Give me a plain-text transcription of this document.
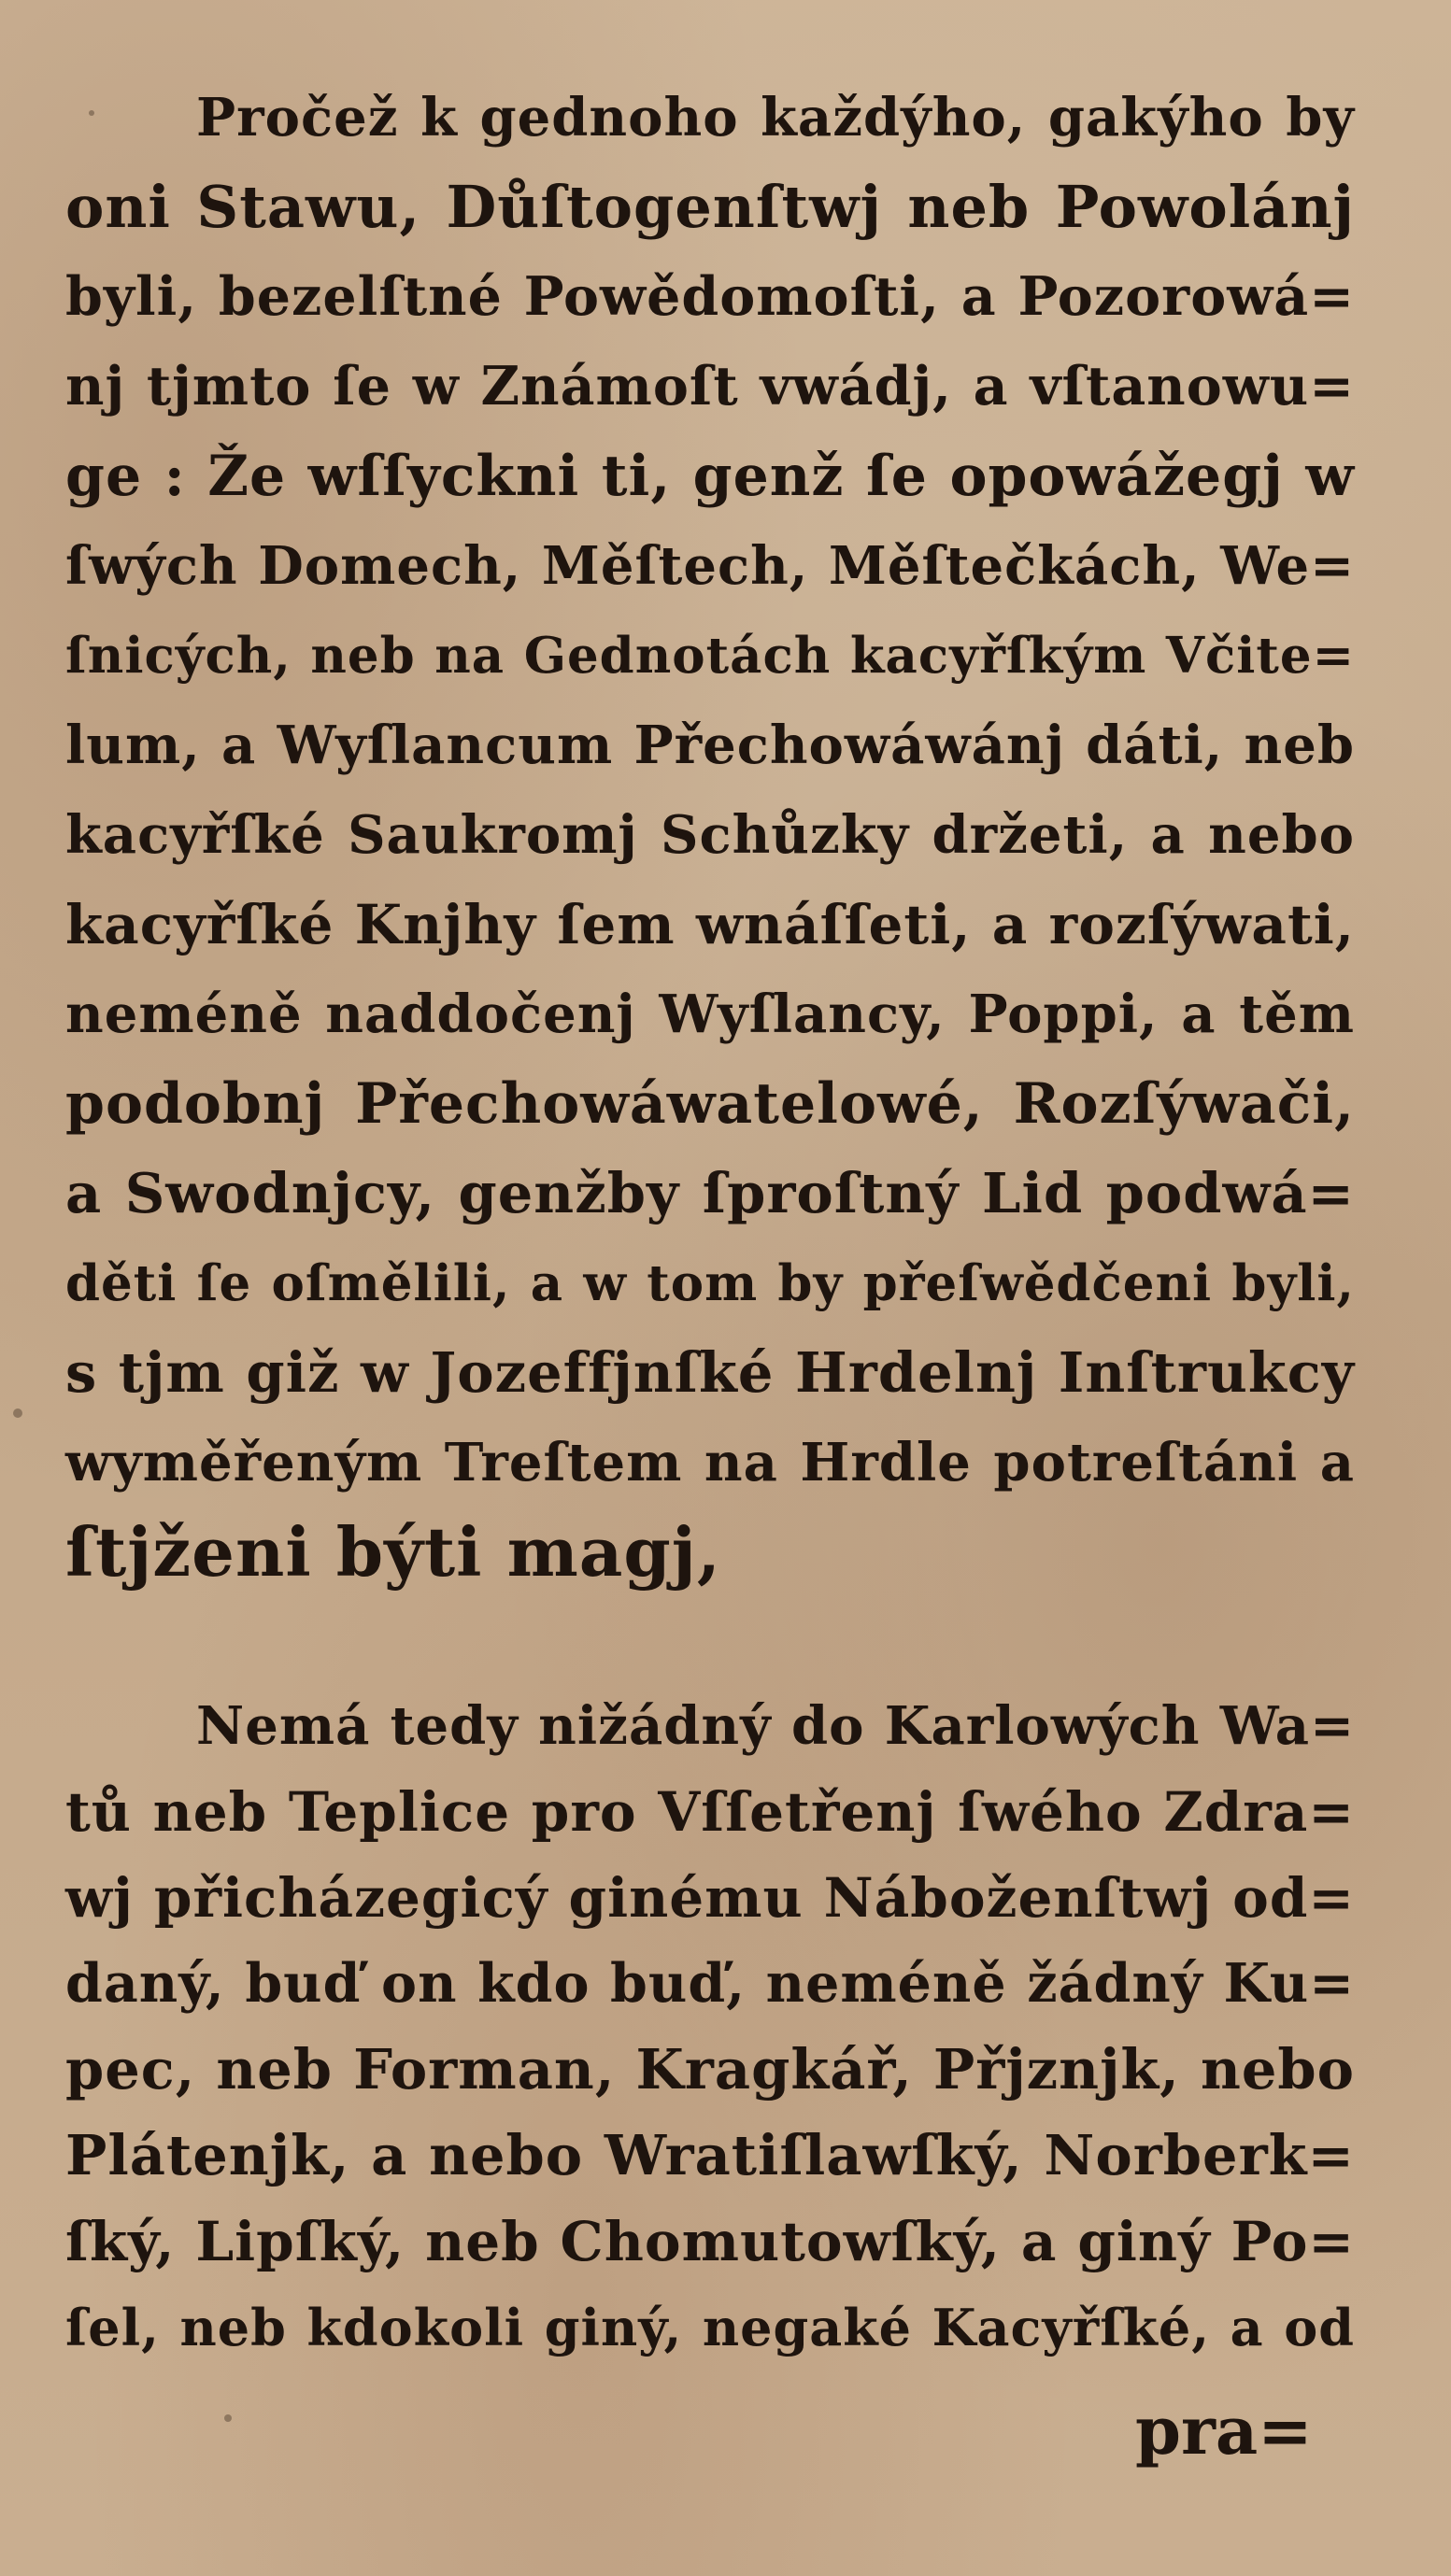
Pročež k gednoho každýho, gakýho by
oni Stawu, Důſtogenſtwj neb Powolánj
byli, bezelſtné Powědomoſti, a Pozorowá=
nj tjmto ſe w Známoſt vwádj, a vſtanowu=
ge : Že wſſyckni ti, genž ſe opowážegj w
ſwých Domech, Měſtech, Měſtečkách, We=
ſnicých, neb na Gednotách kacyřſkým Včite=
lum, a Wyſlancum Přechowáwánj dáti, neb
kacyřſké Saukromj Schůzky držeti, a nebo
kacyřſké Knjhy ſem wnáſſeti, a rozſýwati,
neméně naddočenj Wyſlancy, Poppi, a těm
podobnj Přechowáwatelowé, Rozſýwači,
a Swodnjcy, genžby ſproſtný Lid podwá=
děti ſe oſmělili, a w tom by přeſwědčeni byli,
s tjm giž w Jozeffjnſké Hrdelnj Inſtrukcy
wyměřeným Treſtem na Hrdle potreſtáni a
ſtjženi býti magj,
Nemá tedy nižádný do Karlowých Wa=
tů neb Teplice pro Vſſetřenj ſwého Zdra=
wj přicházegicý ginému Náboženſtwj od=
daný, buď on kdo buď, neméně žádný Ku=
pec, neb Forman, Kragkář, Přjznjk, nebo
Plátenjk, a nebo Wratiſlawſký, Norberk=
ſký, Lipſký, neb Chomutowſký, a giný Po=
ſel, neb kdokoli giný, negaké Kacyřſké, a od
pra=
